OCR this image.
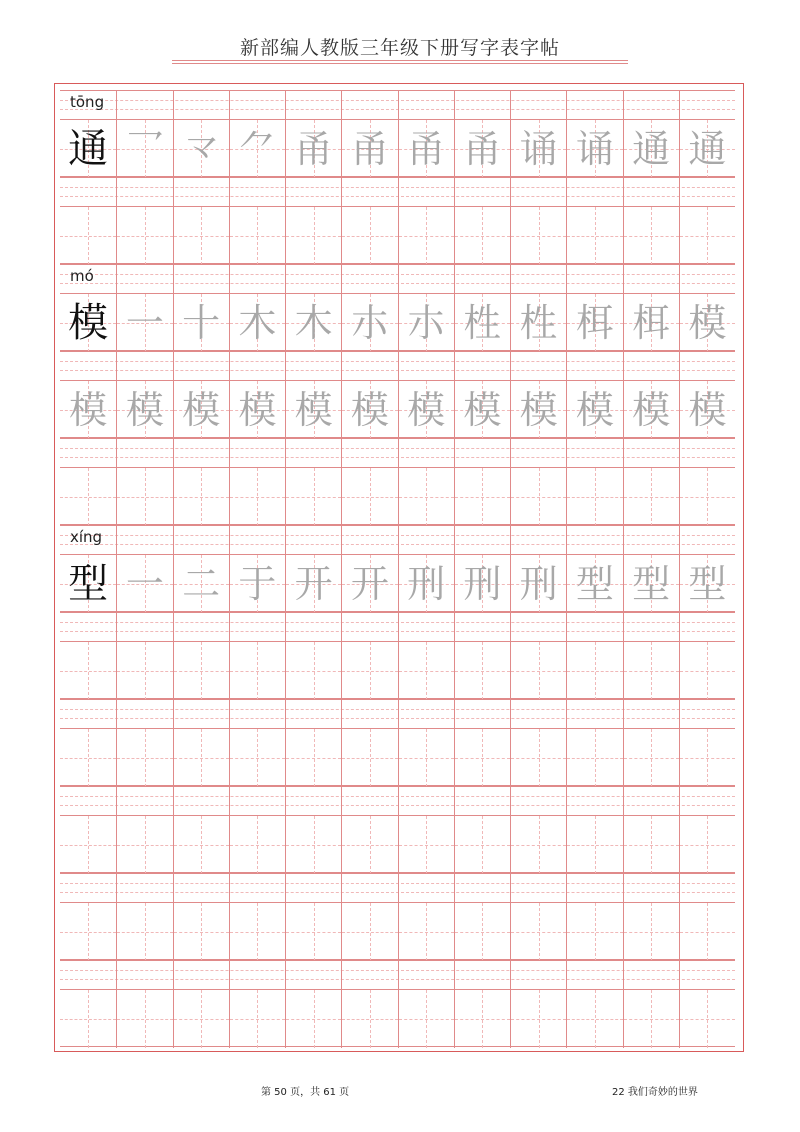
新部编人教版三年级下册写字表字帖
tōng
通 乛 龴 ⺈ 甬 甬 甬 甬 诵 诵 通 通
mó
模 一 十 木 木 朩 朩 栍 栍 栮 栮 模
模 模 模 模 模 模 模 模 模 模 模 模
xíng
型 一 二 于 开 开 刑 刑 刑 型 型 型
第 50 页，共 61 页	22 我们奇妙的世界
